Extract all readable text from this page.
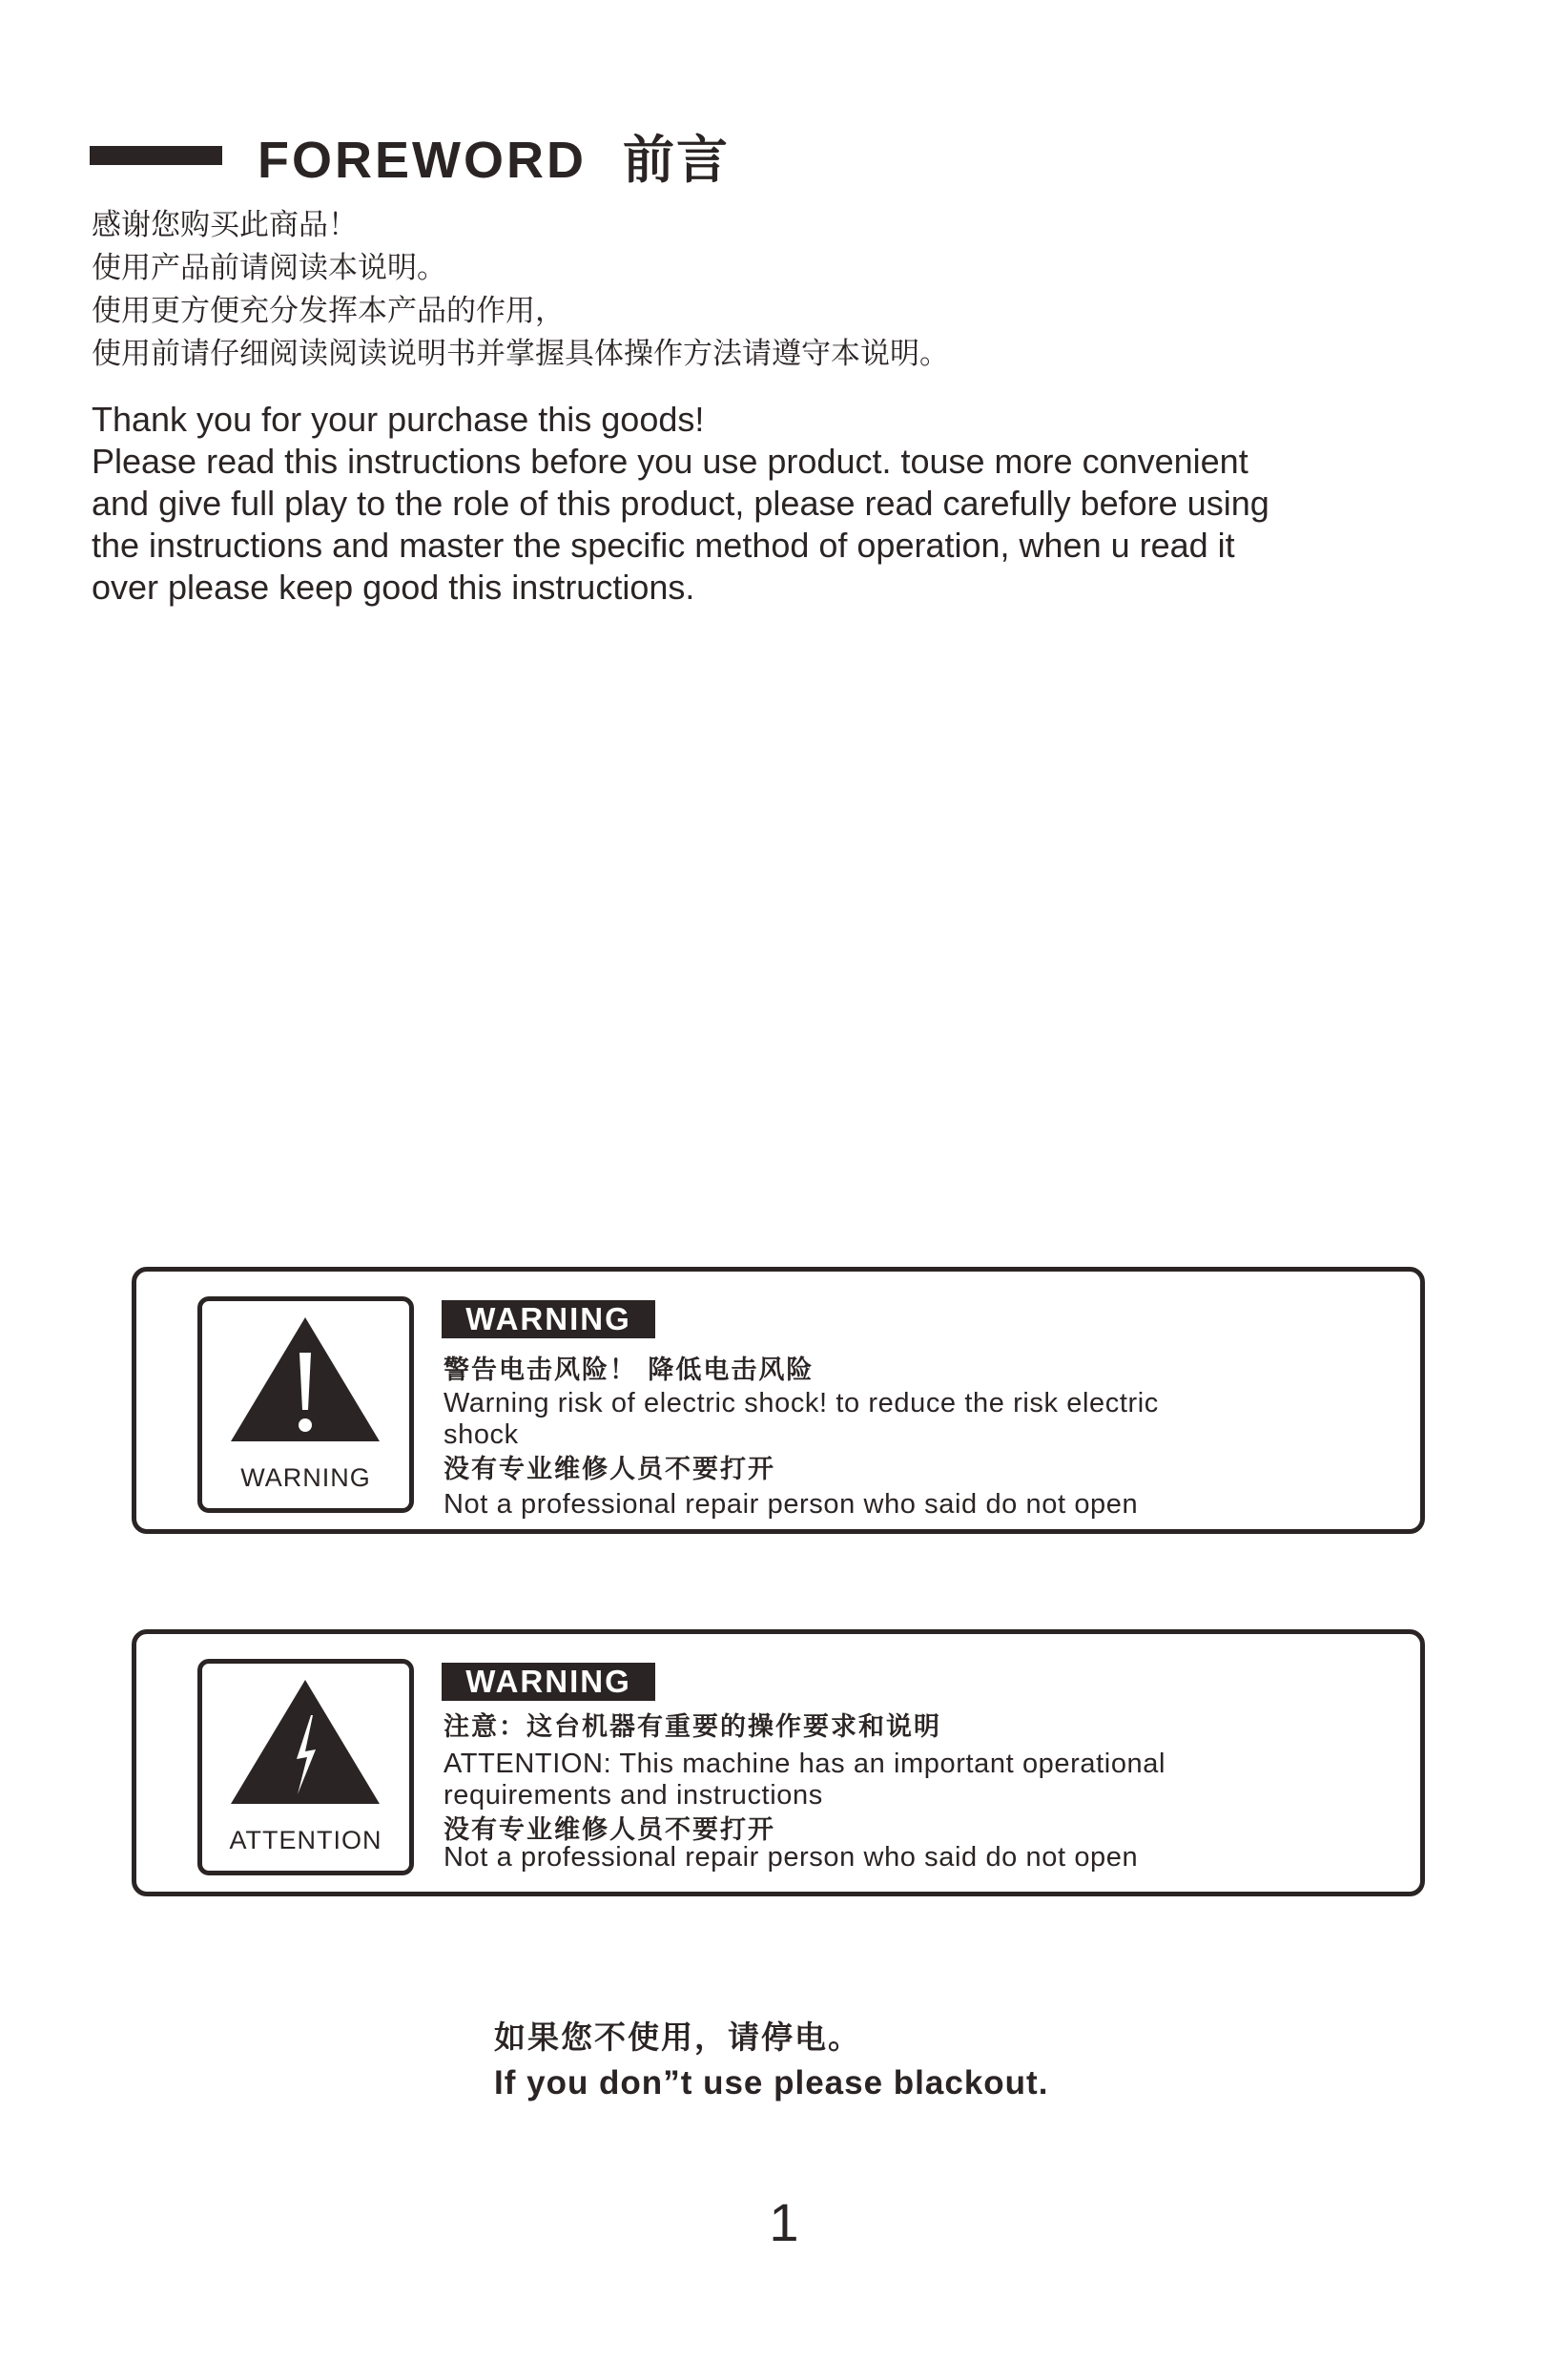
FOREWORD 前言
感谢您购买此商品！
使用产品前请阅读本说明。
使用更方便充分发挥本产品的作用，
使用前请仔细阅读阅读说明书并掌握具体操作方法请遵守本说明。
Thank you for your purchase this goods!
Please read this instructions before you use product. touse more convenient
and give full play to the role of this product, please read carefully before using
the instructions and master the specific method of operation, when u read it
over please keep good this instructions.
WARNING
WARNING
警告电击风险！ 降低电击风险
Warning risk of electric shock! to reduce the risk electric
shock
没有专业维修人员不要打开
Not a professional repair person who said do not open
ATTENTION
WARNING
注意：这台机器有重要的操作要求和说明
ATTENTION: This machine has an important operational
requirements and instructions
没有专业维修人员不要打开
Not a professional repair person who said do not open
如果您不使用，请停电。
If you don”t use please blackout.
1
